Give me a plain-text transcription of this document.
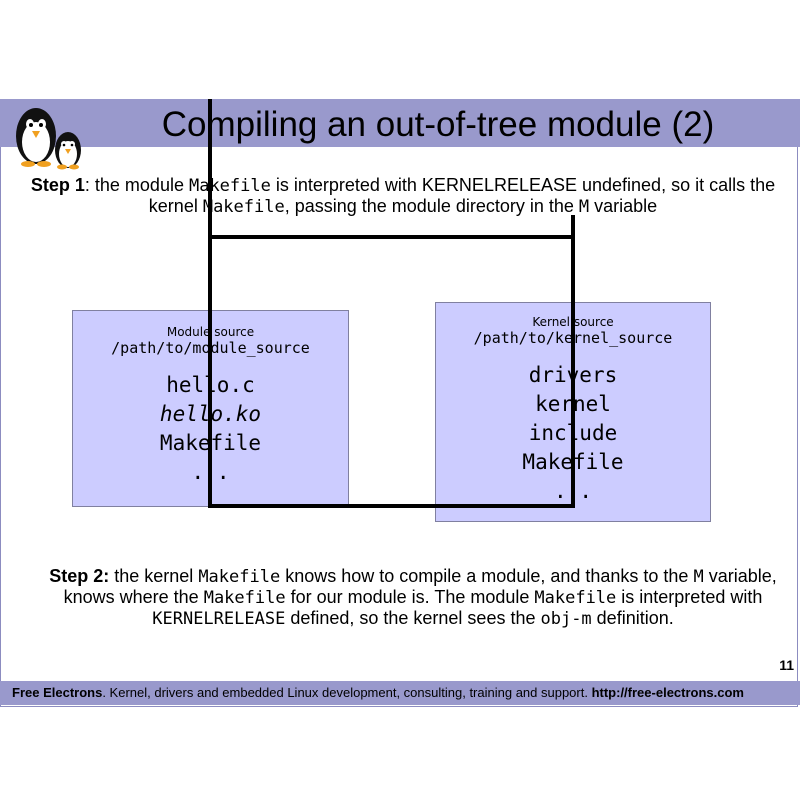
Compiling an out-of-tree module (2)
Step 1: the module Makefile is interpreted with KERNELRELEASE undefined, so it calls the kernel Makefile, passing the module directory in the M variable
Module source
/path/to/module_source
hello.c
hello.ko
Makefile
...
Kernel source
/path/to/kernel_source
drivers
kernel
include
Makefile
...
Step 2: the kernel Makefile knows how to compile a module, and thanks to the M variable, knows where the Makefile for our module is. The module Makefile is interpreted with KERNELRELEASE defined, so the kernel sees the obj-m definition.
11
Free Electrons. Kernel, drivers and embedded Linux development, consulting, training and support. http://free-electrons.com
